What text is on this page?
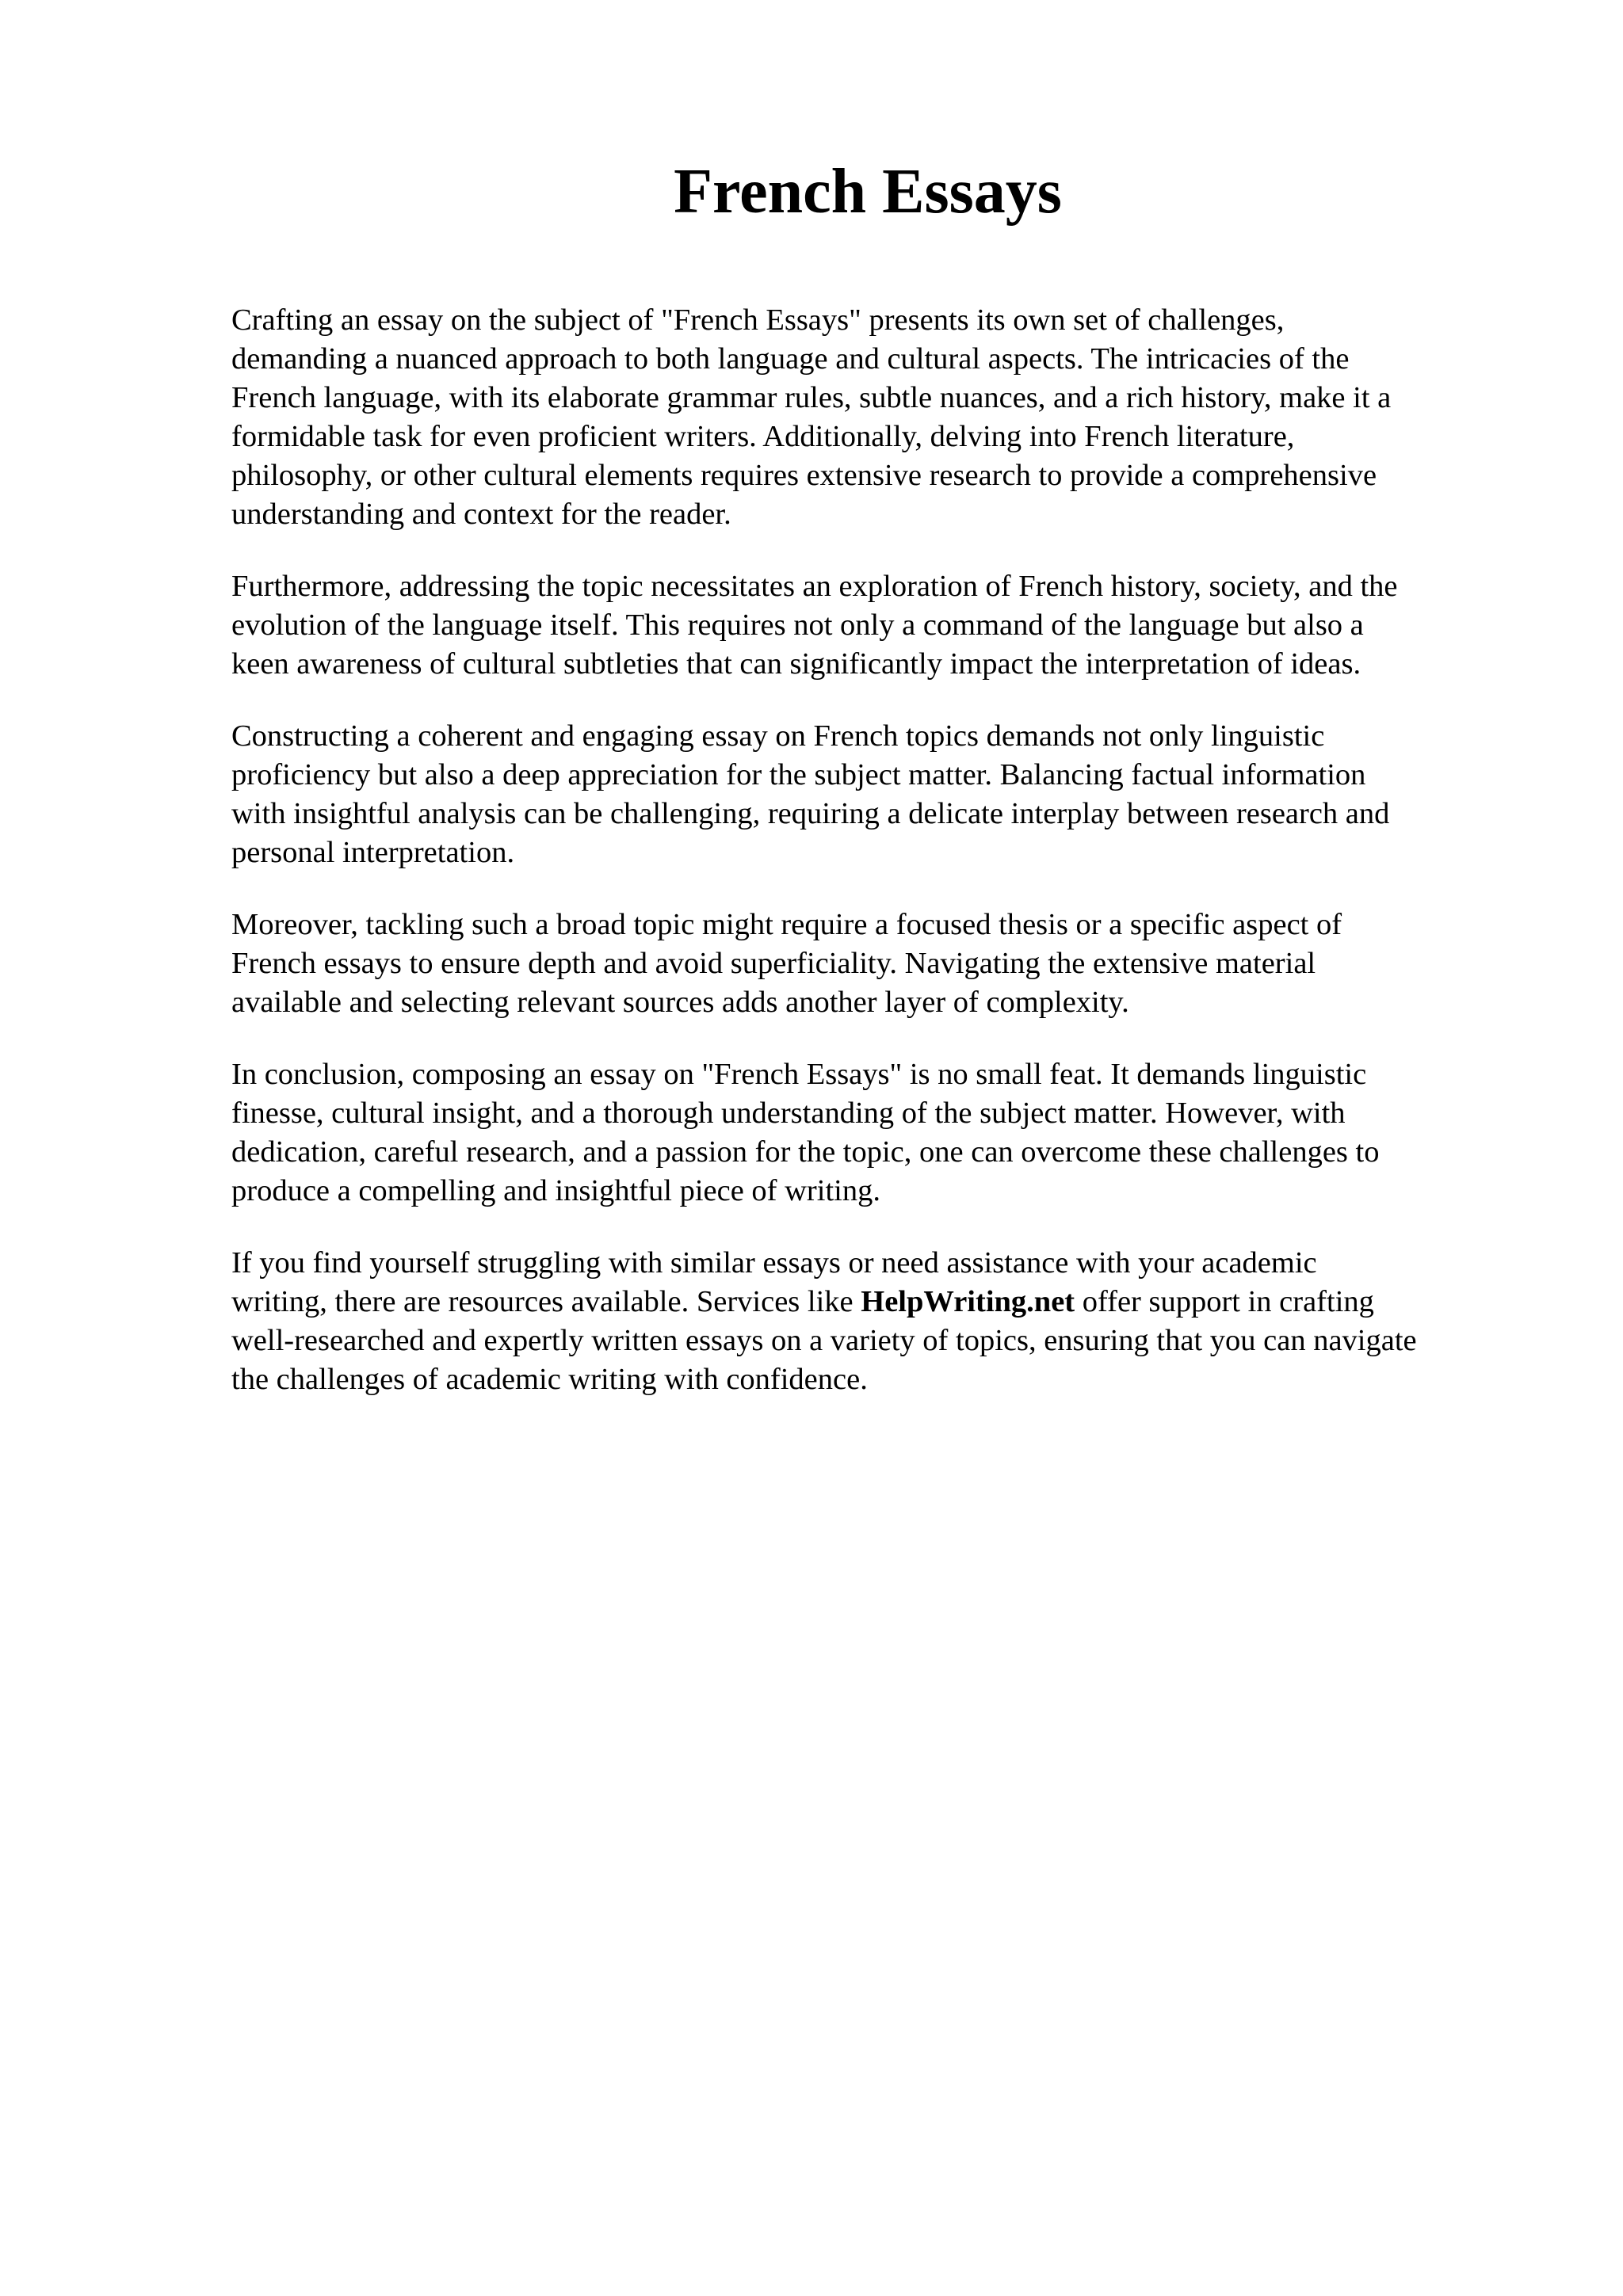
French Essays

Crafting an essay on the subject of "French Essays" presents its own set of challenges,
demanding a nuanced approach to both language and cultural aspects. The intricacies of the
French language, with its elaborate grammar rules, subtle nuances, and a rich history, make it a
formidable task for even proficient writers. Additionally, delving into French literature,
philosophy, or other cultural elements requires extensive research to provide a comprehensive
understanding and context for the reader.

Furthermore, addressing the topic necessitates an exploration of French history, society, and the
evolution of the language itself. This requires not only a command of the language but also a
keen awareness of cultural subtleties that can significantly impact the interpretation of ideas.

Constructing a coherent and engaging essay on French topics demands not only linguistic
proficiency but also a deep appreciation for the subject matter. Balancing factual information
with insightful analysis can be challenging, requiring a delicate interplay between research and
personal interpretation.

Moreover, tackling such a broad topic might require a focused thesis or a specific aspect of
French essays to ensure depth and avoid superficiality. Navigating the extensive material
available and selecting relevant sources adds another layer of complexity.

In conclusion, composing an essay on "French Essays" is no small feat. It demands linguistic
finesse, cultural insight, and a thorough understanding of the subject matter. However, with
dedication, careful research, and a passion for the topic, one can overcome these challenges to
produce a compelling and insightful piece of writing.

If you find yourself struggling with similar essays or need assistance with your academic
writing, there are resources available. Services like HelpWriting.net offer support in crafting
well-researched and expertly written essays on a variety of topics, ensuring that you can navigate
the challenges of academic writing with confidence.
